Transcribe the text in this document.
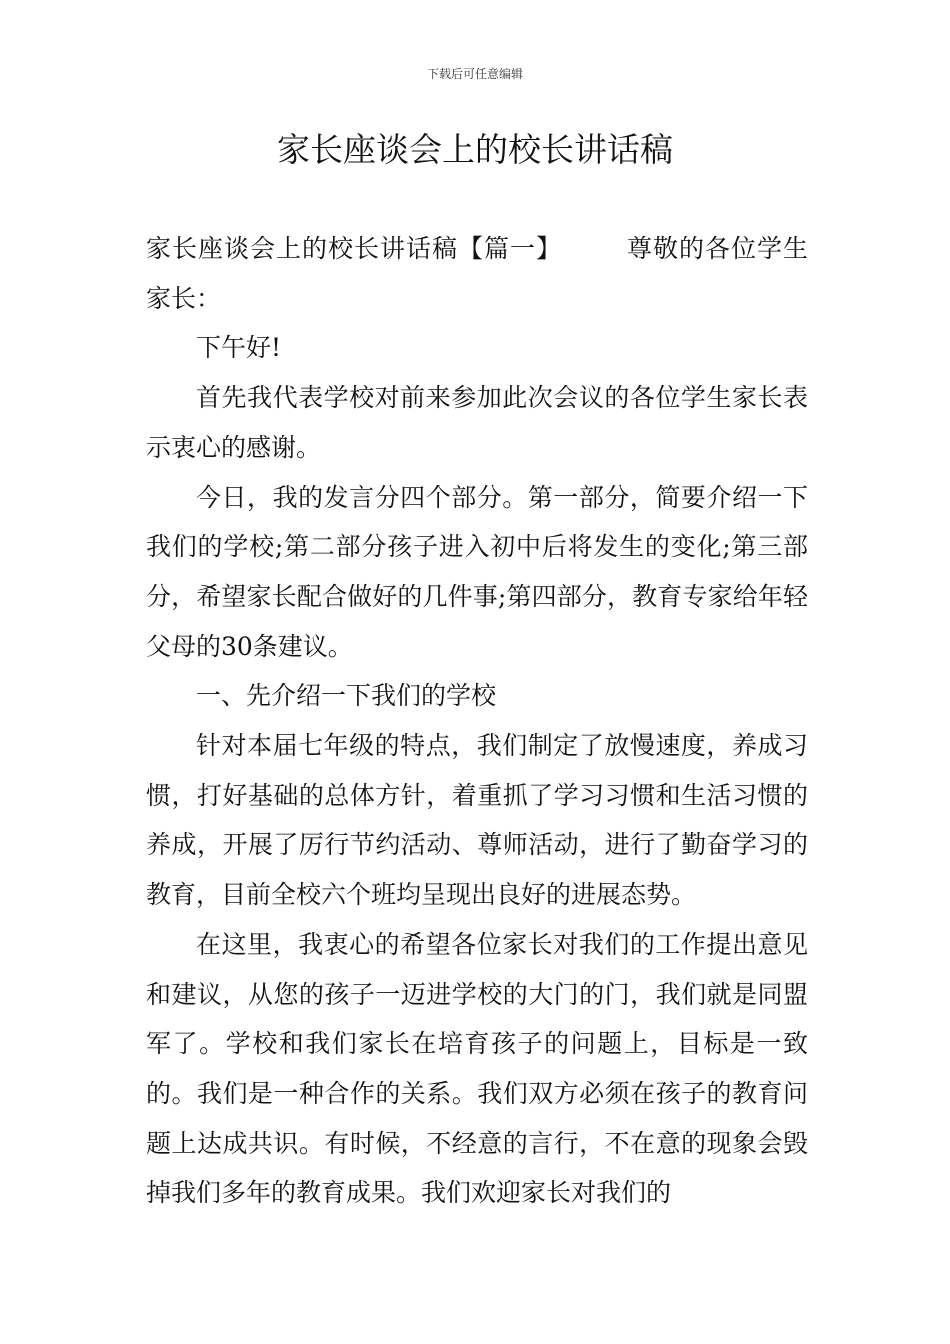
下载后可任意编辑
家长座谈会上的校长讲话稿

家长座谈会上的校长讲话稿【篇一】	尊敬的各位学生家长：

下午好!

首先我代表学校对前来参加此次会议的各位学生家长表示衷心的感谢。

今日，我的发言分四个部分。第一部分，简要介绍一下我们的学校;第二部分孩子进入初中后将发生的变化;第三部分，希望家长配合做好的几件事;第四部分，教育专家给年轻父母的30条建议。

一、先介绍一下我们的学校

针对本届七年级的特点，我们制定了放慢速度，养成习惯，打好基础的总体方针，着重抓了学习习惯和生活习惯的养成，开展了厉行节约活动、尊师活动，进行了勤奋学习的教育，目前全校六个班均呈现出良好的进展态势。

在这里，我衷心的希望各位家长对我们的工作提出意见和建议，从您的孩子一迈进学校的大门的门，我们就是同盟军了。学校和我们家长在培育孩子的问题上，目标是一致的。我们是一种合作的关系。我们双方必须在孩子的教育问题上达成共识。有时候，不经意的言行，不在意的现象会毁掉我们多年的教育成果。我们欢迎家长对我们的
